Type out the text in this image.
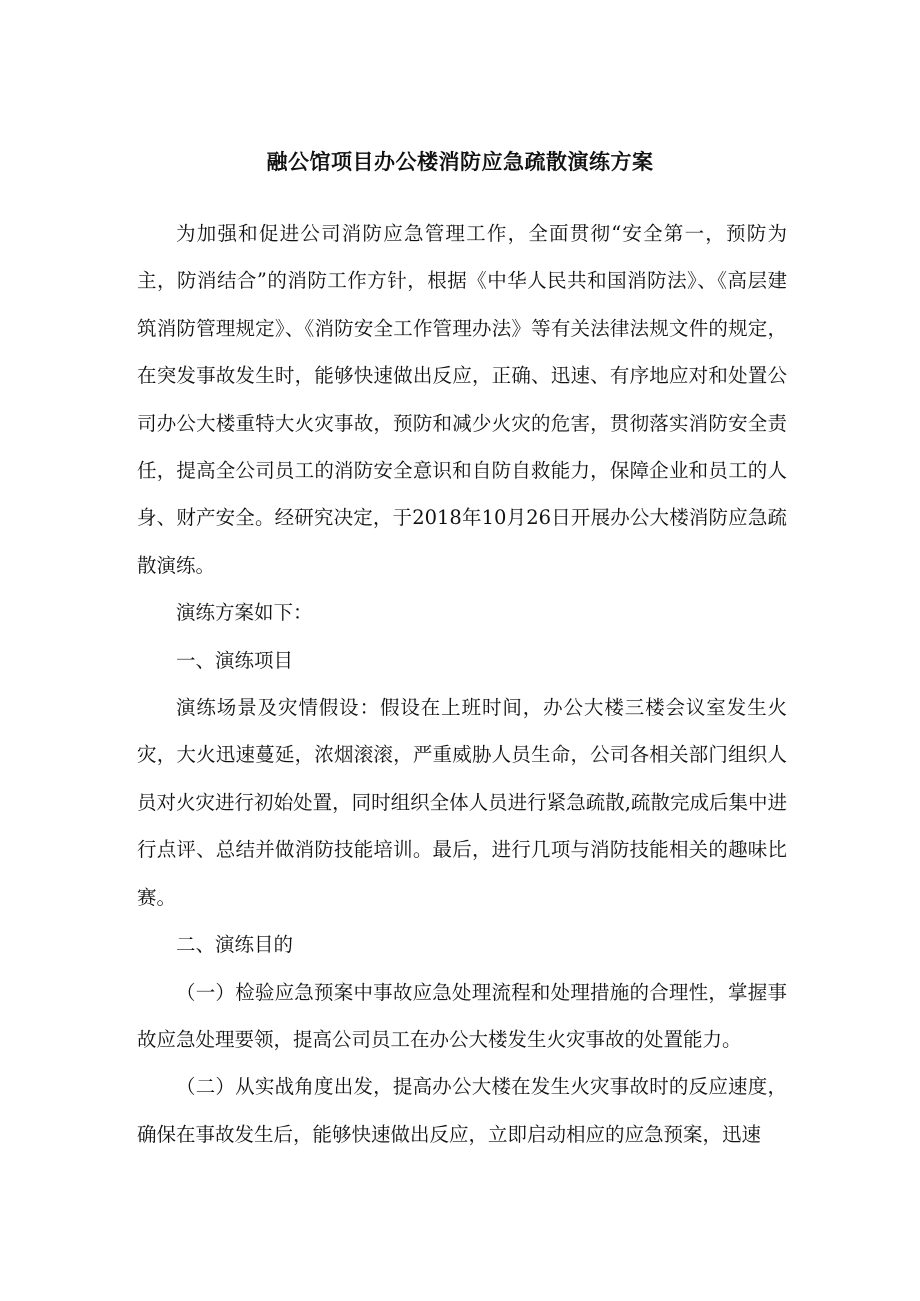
融公馆项目办公楼消防应急疏散演练方案

为加强和促进公司消防应急管理工作，全面贯彻“安全第一，预防为主，防消结合”的消防工作方针，根据《中华人民共和国消防法》、《高层建筑消防管理规定》、《消防安全工作管理办法》等有关法律法规文件的规定，在突发事故发生时，能够快速做出反应，正确、迅速、有序地应对和处置公司办公大楼重特大火灾事故，预防和减少火灾的危害，贯彻落实消防安全责任，提高全公司员工的消防安全意识和自防自救能力，保障企业和员工的人身、财产安全。经研究决定，于2018年10月26日开展办公大楼消防应急疏散演练。

演练方案如下：

一、演练项目

演练场景及灾情假设：假设在上班时间，办公大楼三楼会议室发生火灾，大火迅速蔓延，浓烟滚滚，严重威胁人员生命，公司各相关部门组织人员对火灾进行初始处置，同时组织全体人员进行紧急疏散,疏散完成后集中进行点评、总结并做消防技能培训。最后，进行几项与消防技能相关的趣味比赛。

二、演练目的

（一）检验应急预案中事故应急处理流程和处理措施的合理性，掌握事故应急处理要领，提高公司员工在办公大楼发生火灾事故的处置能力。

（二）从实战角度出发，提高办公大楼在发生火灾事故时的反应速度，确保在事故发生后，能够快速做出反应，立即启动相应的应急预案，迅速
